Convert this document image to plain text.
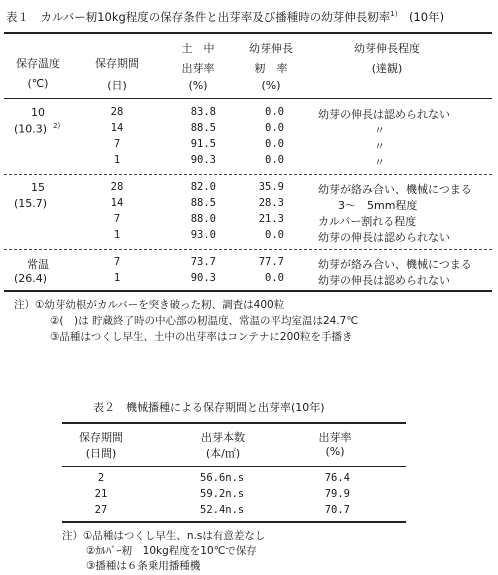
表１　カルバー籾10kg程度の保存条件と出芽率及び播種時の幼芽伸長籾率$^{1)}$　 (10年)
保存温度
(℃)
保存期間
(日)
土　中
出芽率
(%)
幼芽伸長
籾　率
(%)
幼芽伸長程度
(達観)
10
(10.3) $^{2)}$
28
14
7
1
83.8
88.5
91.5
90.3
0.0
0.0
0.0
0.0
幼芽の伸長は認められない
〃
〃
〃
15
(15.7)
28
14
7
1
82.0
88.5
88.0
93.0
35.9
28.3
21.3
0.0
幼芽が絡み合い、機械につまる
3～　5mm程度
カルバー割れる程度
幼芽の伸長は認められない
常温
(26.4)
7
1
73.7
90.3
77.7
0.0
幼芽が絡み合い、機械につまる
幼芽の伸長は認められない
注）①幼芽幼根がカルバーを突き破った籾、調査は400粒
②(　)は 貯蔵終了時の中心部の籾温度、常温の平均室温は24.7℃
③品種はつくし早生、土中の出芽率はコンテナに200粒を手播き
表２　機械播種による保存期間と出芽率(10年)
保存期間
(日間)
出芽本数
(本/㎡)
出芽率
(%)
2
21
27
56.6n.s
59.2n.s
52.4n.s
76.4
79.9
70.7
注）①品種はつくし早生、n.sは有意差なし
②ｶﾙﾊﾞｰ籾　10kg程度を10℃で保存
③播種は６条乗用播種機
